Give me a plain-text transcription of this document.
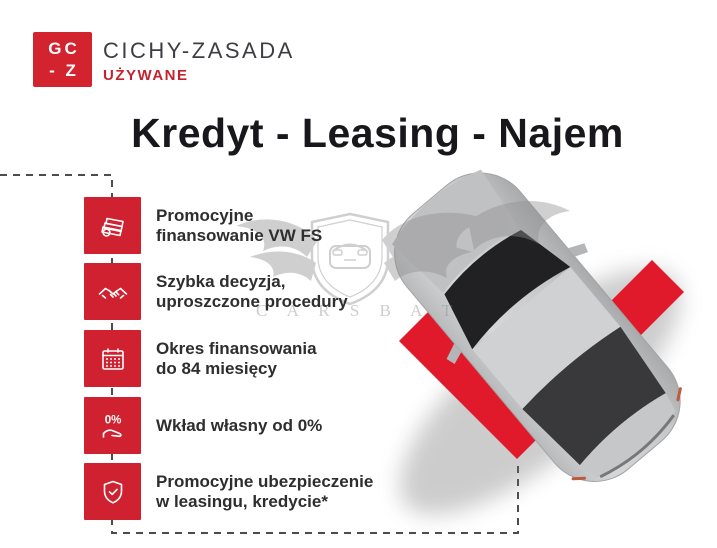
C A R S B A T
GC
- Z
CICHY-ZASADA
UŻYWANE
Kredyt - Leasing - Najem
Promocyjne
finansowanie VW FS
Szybka decyzja,
uproszczone procedury
Okres finansowania
do 84 miesięcy
0% Wkład własny od 0%
Promocyjne ubezpieczenie
w leasingu, kredycie*
